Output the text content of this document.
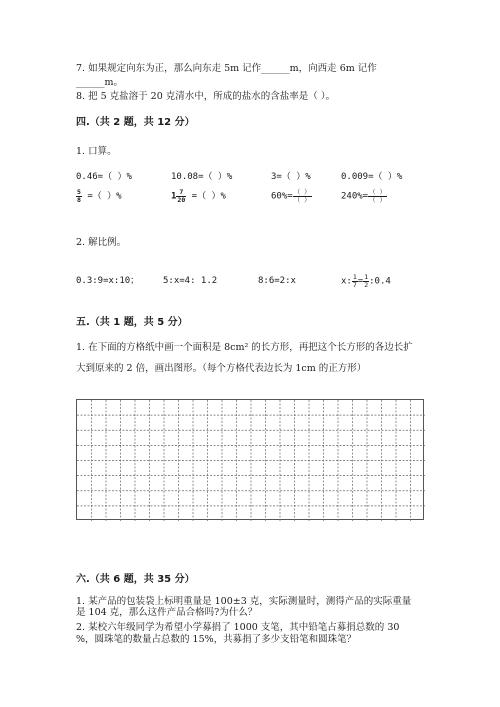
7. 如果规定向东为正，那么向东走 5m 记作______m，向西走 6m 记作
______m。
8. 把 5 克盐溶于 20 克清水中，所成的盐水的含盐率是（ ）。
四.（共 2 题，共 12 分）
1. 口算。
0.46=（ ）%	10.08=（ ）%	3=（ ）%	0.009=（ ）%
$\frac{5}{8}$ =（ ）%	$1 \frac{7}{20}$ =（ ）%	$60\%= \frac{( )}{( )}$	$240\%= \frac{( )}{( )}$
2. 解比例。
0.3:9=x:10；	5:x=4: 1.2	8:6=2:x	x: $\frac{1}{7} = \frac{1}{2}$ :0.4
五.（共 1 题，共 5 分）
1. 在下面的方格纸中画一个面积是 8cm² 的长方形，再把这个长方形的各边长扩
大到原来的 2 倍，画出图形。（每个方格代表边长为 1cm 的正方形）
六.（共 6 题，共 35 分）
1. 某产品的包装袋上标明重量是 100±3 克，实际测量时，测得产品的实际重量
是 104 克，那么这件产品合格吗?为什么？
2. 某校六年级同学为希望小学募捐了 1000 支笔，其中铅笔占募捐总数的 30
%，圆珠笔的数量占总数的 15%，共募捐了多少支铅笔和圆珠笔？
